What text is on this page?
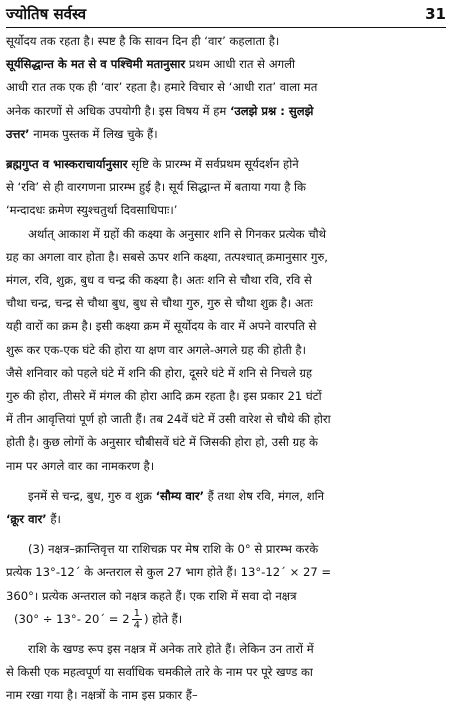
ज्योतिष सर्वस्व	31

सूर्योदय तक रहता है। स्पष्ट है कि सावन दिन ही ‘वार’ कहलाता है।

सूर्यसिद्धान्त के मत से व पश्चिमी मतानुसार प्रथम आधी रात से अगली

आधी रात तक एक ही ‘वार’ रहता है। हमारे विचार से ‘आधी रात’ वाला मत

अनेक कारणों से अधिक उपयोगी है। इस विषय में हम ‘उलझे प्रश्न : सुलझे

उत्तर’ नामक पुस्तक में लिख चुके हैं।

ब्रह्मगुप्त व भास्कराचार्यानुसार सृष्टि के प्रारम्भ में सर्वप्रथम सूर्यदर्शन होने

से ‘रवि’ से ही वारगणना प्रारम्भ हुई है। सूर्य सिद्धान्त में बताया गया है कि

‘मन्दादधः क्रमेण स्युश्चतुर्था दिवसाधिपाः।’

अर्थात् आकाश में ग्रहों की कक्ष्या के अनुसार शनि से गिनकर प्रत्येक चौथे

ग्रह का अगला वार होता है। सबसे ऊपर शनि कक्ष्या, तत्पश्चात् क्रमानुसार गुरु,

मंगल, रवि, शुक्र, बुध व चन्द्र की कक्ष्या है। अतः शनि से चौथा रवि, रवि से

चौथा चन्द्र, चन्द्र से चौथा बुध, बुध से चौथा गुरु, गुरु से चौथा शुक्र है। अतः

यही वारों का क्रम है। इसी कक्ष्या क्रम में सूर्योदय के वार में अपने वारपति से

शुरू कर एक-एक घंटे की होरा या क्षण वार अगले-अगले ग्रह की होती है।

जैसे शनिवार को पहले घंटे में शनि की होरा, दूसरे घंटे में शनि से निचले ग्रह

गुरु की होरा, तीसरे में मंगल की होरा आदि क्रम रहता है। इस प्रकार 21 घंटों

में तीन आवृत्तियां पूर्ण हो जाती हैं। तब 24वें घंटे में उसी वारेश से चौथे की होरा

होती है। कुछ लोगों के अनुसार चौबीसवें घंटे में जिसकी होरा हो, उसी ग्रह के

नाम पर अगले वार का नामकरण है।

इनमें से चन्द्र, बुध, गुरु व शुक्र ‘सौम्य वार’ हैं तथा शेष रवि, मंगल, शनि

‘क्रूर वार’ हैं।

(3) नक्षत्र–क्रान्तिवृत्त या राशिचक्र पर मेष राशि के 0° से प्रारम्भ करके

प्रत्येक 13°-12´ के अन्तराल से कुल 27 भाग होते हैं। 13°-12´ × 27 =

360°। प्रत्येक अन्तराल को नक्षत्र कहते हैं। एक राशि में सवा दो नक्षत्र

(30° ÷ 13°- 20´ = $2 \frac{1}{4}$ ) होते हैं।

राशि के खण्ड रूप इस नक्षत्र में अनेक तारे होते हैं। लेकिन उन तारों में

से किसी एक महत्वपूर्ण या सर्वाधिक चमकीले तारे के नाम पर पूरे खण्ड का

नाम रखा गया है। नक्षत्रों के नाम इस प्रकार हैं–
